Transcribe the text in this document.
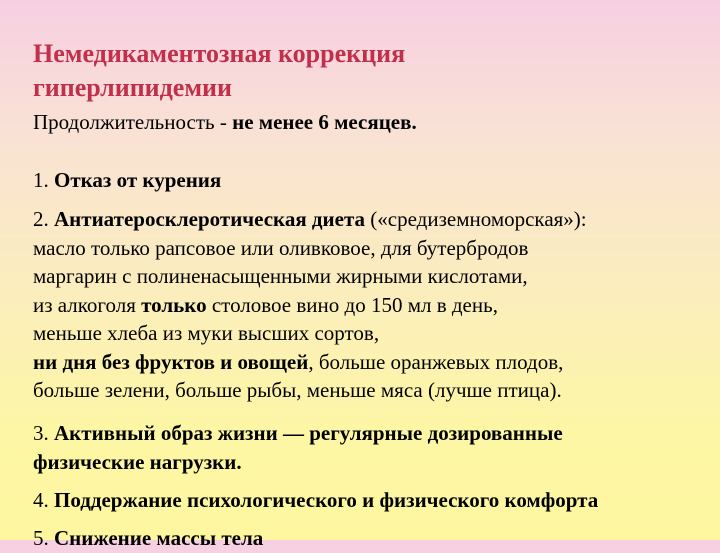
Немедикаментозная коррекция
гиперлипидемии
Продолжительность - не менее 6 месяцев.
1. Отказ от курения
2. Антиатеросклеротическая диета («средиземноморская»):
масло только рапсовое или оливковое, для бутербродов
маргарин с полиненасыщенными жирными кислотами,
из алкоголя только столовое вино до 150 мл в день,
меньше хлеба из муки высших сортов,
ни дня без фруктов и овощей, больше оранжевых плодов,
больше зелени, больше рыбы, меньше мяса (лучше птица).
3. Активный образ жизни — регулярные дозированные
физические нагрузки.
4. Поддержание психологического и физического комфорта
5. Снижение массы тела
